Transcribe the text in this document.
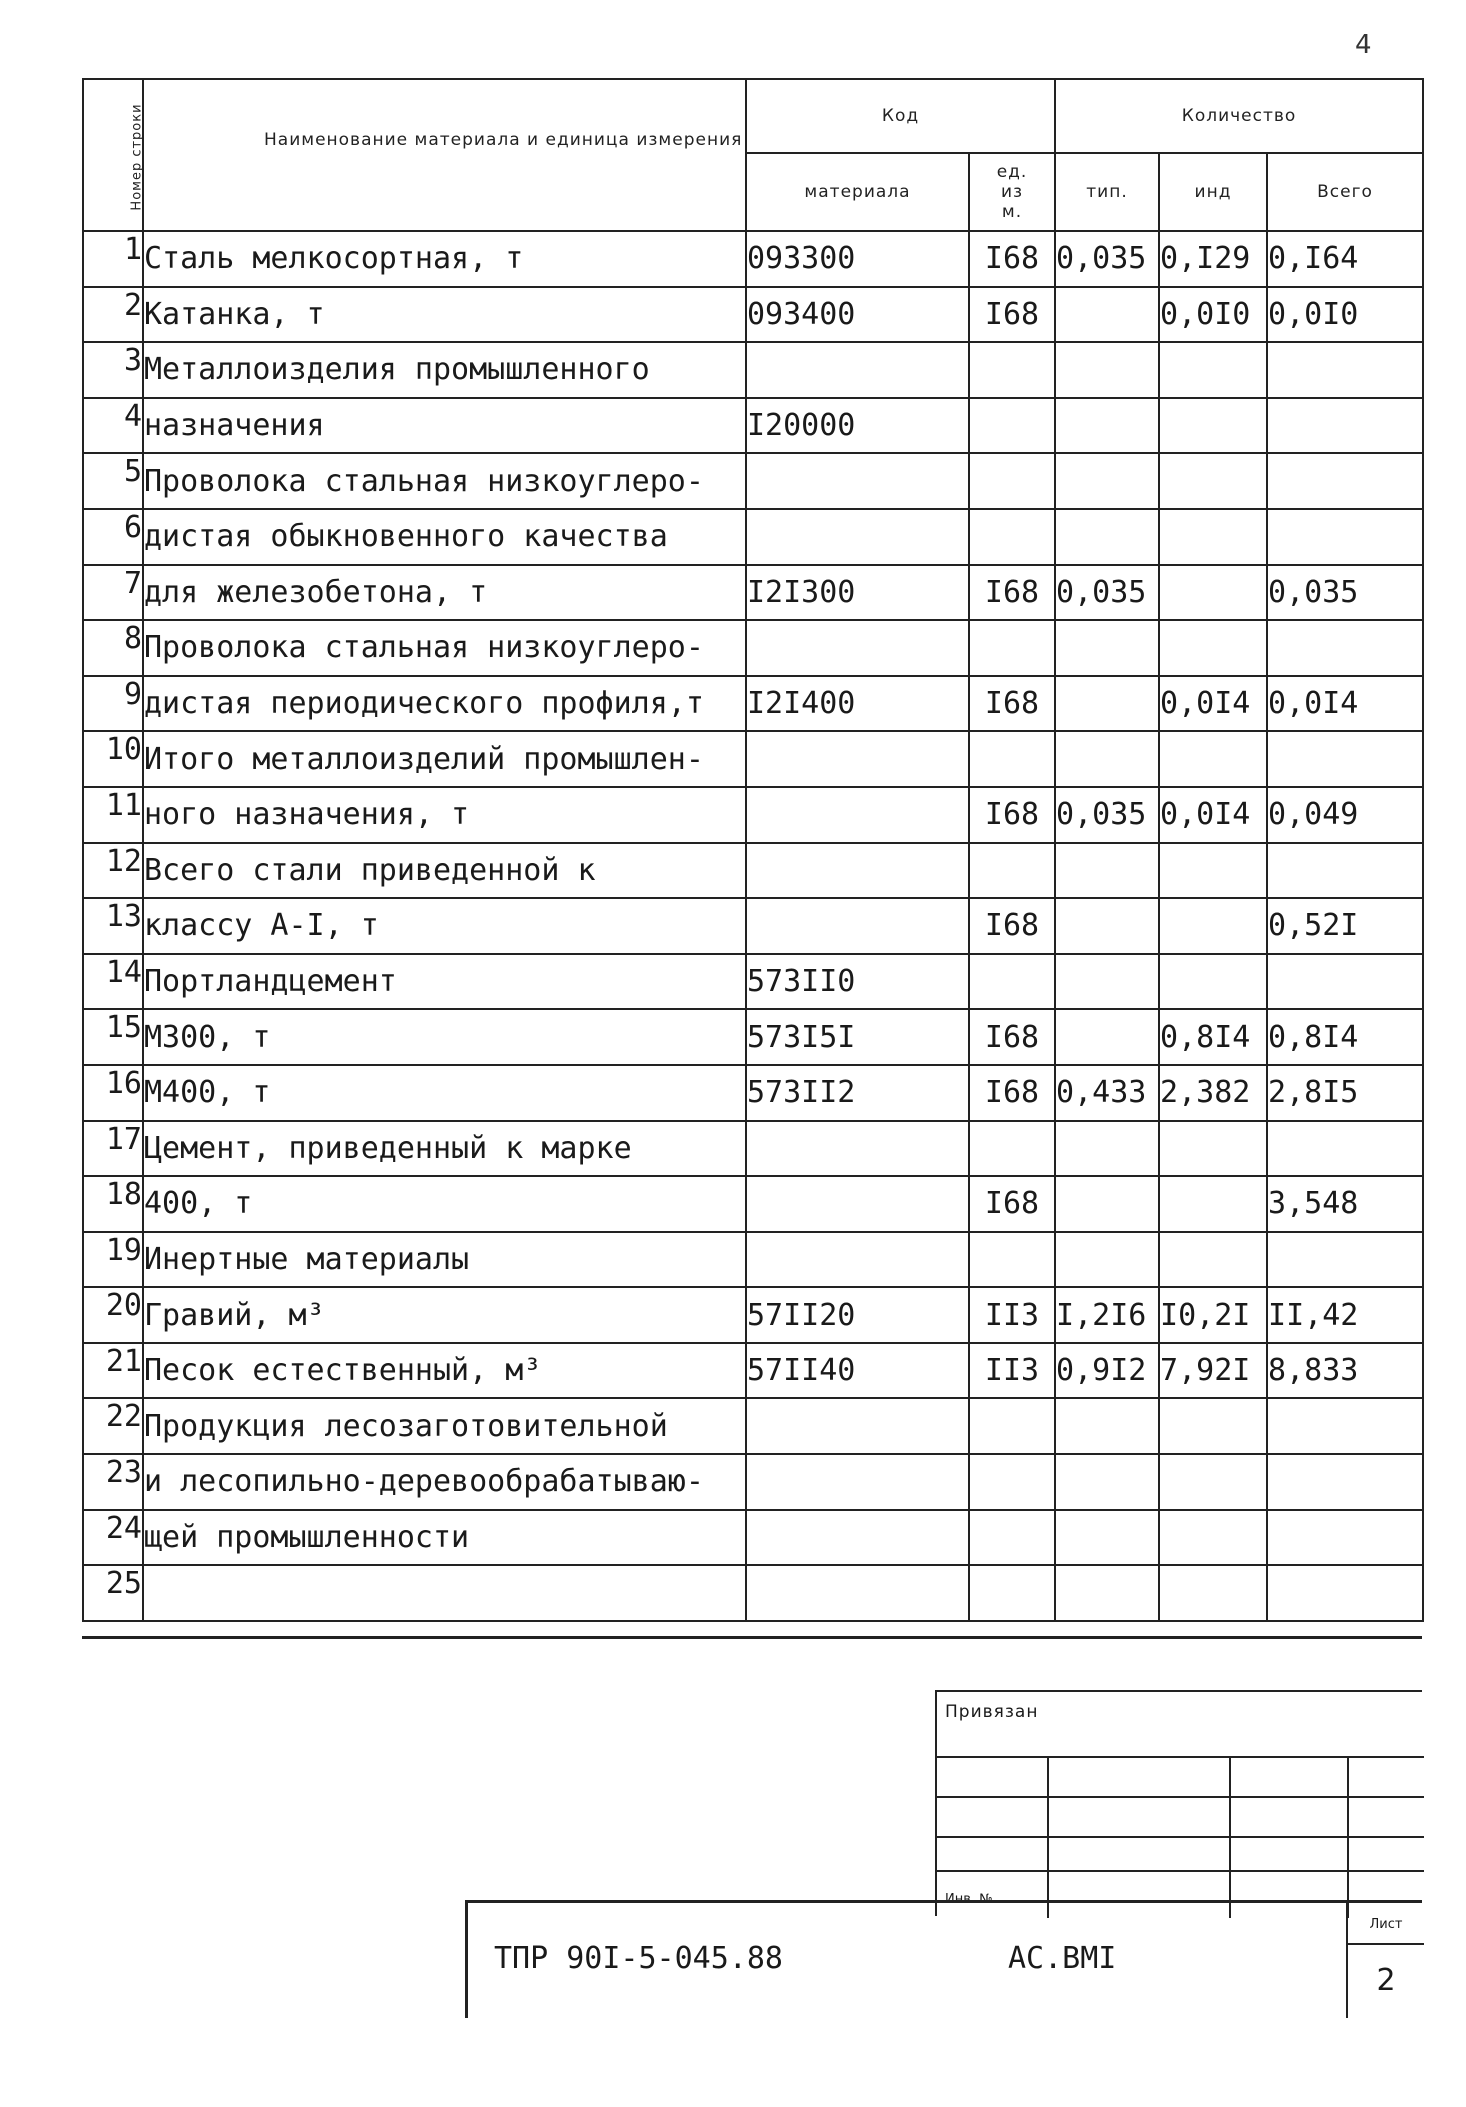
4
Номер строки	Наименование материала и единица измерения	Код		Количество		
		материала	ед. из м.	тип.	инд	Всего
1	Сталь мелкосортная, т	093300	I68	0,035	0,I29	0,I64
2	Катанка, т	093400	I68		0,0I0	0,0I0
3	Металлоизделия промышленного					
4	назначения	I20000				
5	Проволока стальная низкоуглеро-					
6	дистая обыкновенного качества					
7	для железобетона, т	I2I300	I68	0,035		0,035
8	Проволока стальная низкоуглеро-					
9	дистая периодического профиля,т	I2I400	I68		0,0I4	0,0I4
10	Итого металлоизделий промышлен-					
11	ного назначения, т		I68	0,035	0,0I4	0,049
12	Всего стали приведенной к					
13	классу А-I, т		I68			0,52I
14	Портландцемент	573II0				
15	М300, т	573I5I	I68		0,8I4	0,8I4
16	М400, т	573II2	I68	0,433	2,382	2,8I5
17	Цемент, приведенный к марке					
18	400, т		I68			3,548
19	Инертные материалы					
20	Гравий, м³	57II20	II3	I,2I6	I0,2I	II,42
21	Песок естественный, м³	57II40	II3	0,9I2	7,92I	8,833
22	Продукция лесозаготовительной					
23	и лесопильно-деревообрабатываю-					
24	щей промышленности					
25						
Привязан
Инв. №
ТПР 90I-5-045.88	АС.ВМI
Лист
2
